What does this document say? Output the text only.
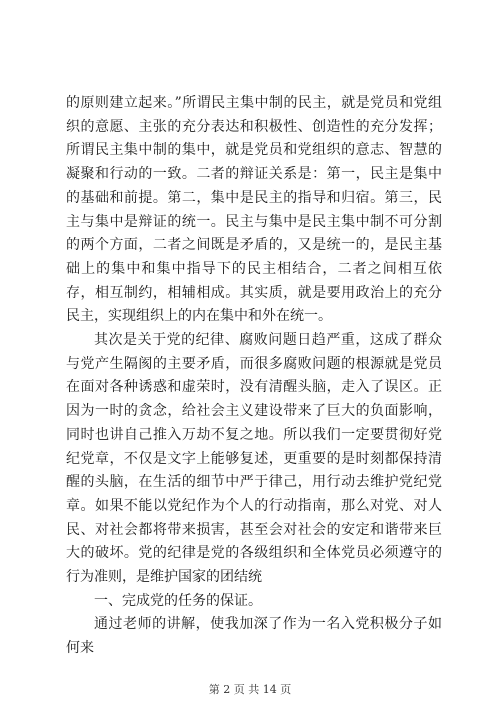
的原则建立起来。”所谓民主集中制的民主，就是党员和党组织的意愿、主张的充分表达和积极性、创造性的充分发挥；所谓民主集中制的集中，就是党员和党组织的意志、智慧的凝聚和行动的一致。二者的辩证关系是：第一，民主是集中的基础和前提。第二，集中是民主的指导和归宿。第三，民主与集中是辩证的统一。民主与集中是民主集中制不可分割的两个方面，二者之间既是矛盾的，又是统一的，是民主基础上的集中和集中指导下的民主相结合，二者之间相互依存，相互制约，相辅相成。其实质，就是要用政治上的充分民主，实现组织上的内在集中和外在统一。

其次是关于党的纪律、腐败问题日趋严重，这成了群众与党产生隔阂的主要矛盾，而很多腐败问题的根源就是党员在面对各种诱惑和虚荣时，没有清醒头脑，走入了误区。正因为一时的贪念，给社会主义建设带来了巨大的负面影响，同时也讲自己推入万劫不复之地。所以我们一定要贯彻好党纪党章，不仅是文字上能够复述，更重要的是时刻都保持清醒的头脑，在生活的细节中严于律己，用行动去维护党纪党章。如果不能以党纪作为个人的行动指南，那么对党、对人民、对社会都将带来损害，甚至会对社会的安定和谐带来巨大的破坏。党的纪律是党的各级组织和全体党员必须遵守的行为准则，是维护国家的团结统

一、完成党的任务的保证。

通过老师的讲解，使我加深了作为一名入党积极分子如何来

第 2 页 共 14 页
